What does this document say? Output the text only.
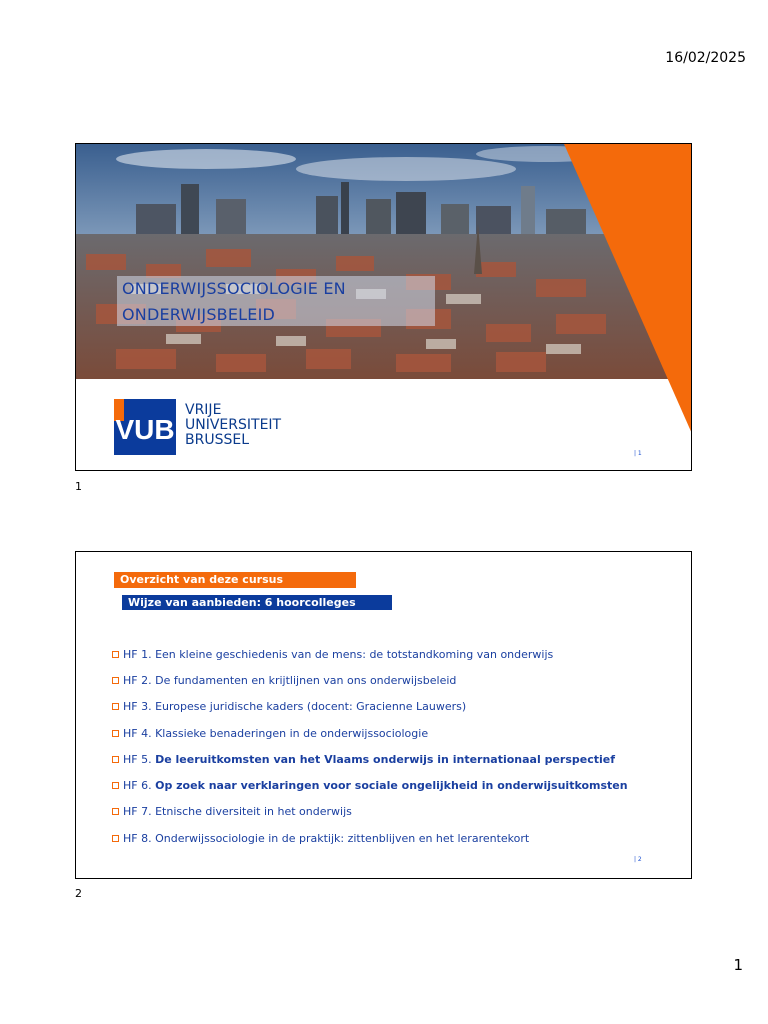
16/02/2025
ONDERWIJSSOCIOLOGIE EN
ONDERWIJSBELEID
VUB
VRIJE
UNIVERSITEIT
BRUSSEL
| 1
1
Overzicht van deze cursus
Wijze van aanbieden: 6 hoorcolleges
HF 1.
Een kleine geschiedenis van de mens: de totstandkoming van onderwijs
HF 2.
De fundamenten en krijtlijnen van ons onderwijsbeleid
HF 3.
Europese juridische kaders (docent: Gracienne Lauwers)
HF 4.
Klassieke benaderingen in de onderwijssociologie
HF 5.
De leeruitkomsten van het Vlaams onderwijs in internationaal perspectief
HF 6.
Op zoek naar verklaringen voor sociale ongelijkheid in onderwijsuitkomsten
HF 7.
Etnische diversiteit in het onderwijs
HF 8.
Onderwijssociologie in de praktijk: zittenblijven en het lerarentekort
| 2
2
1
